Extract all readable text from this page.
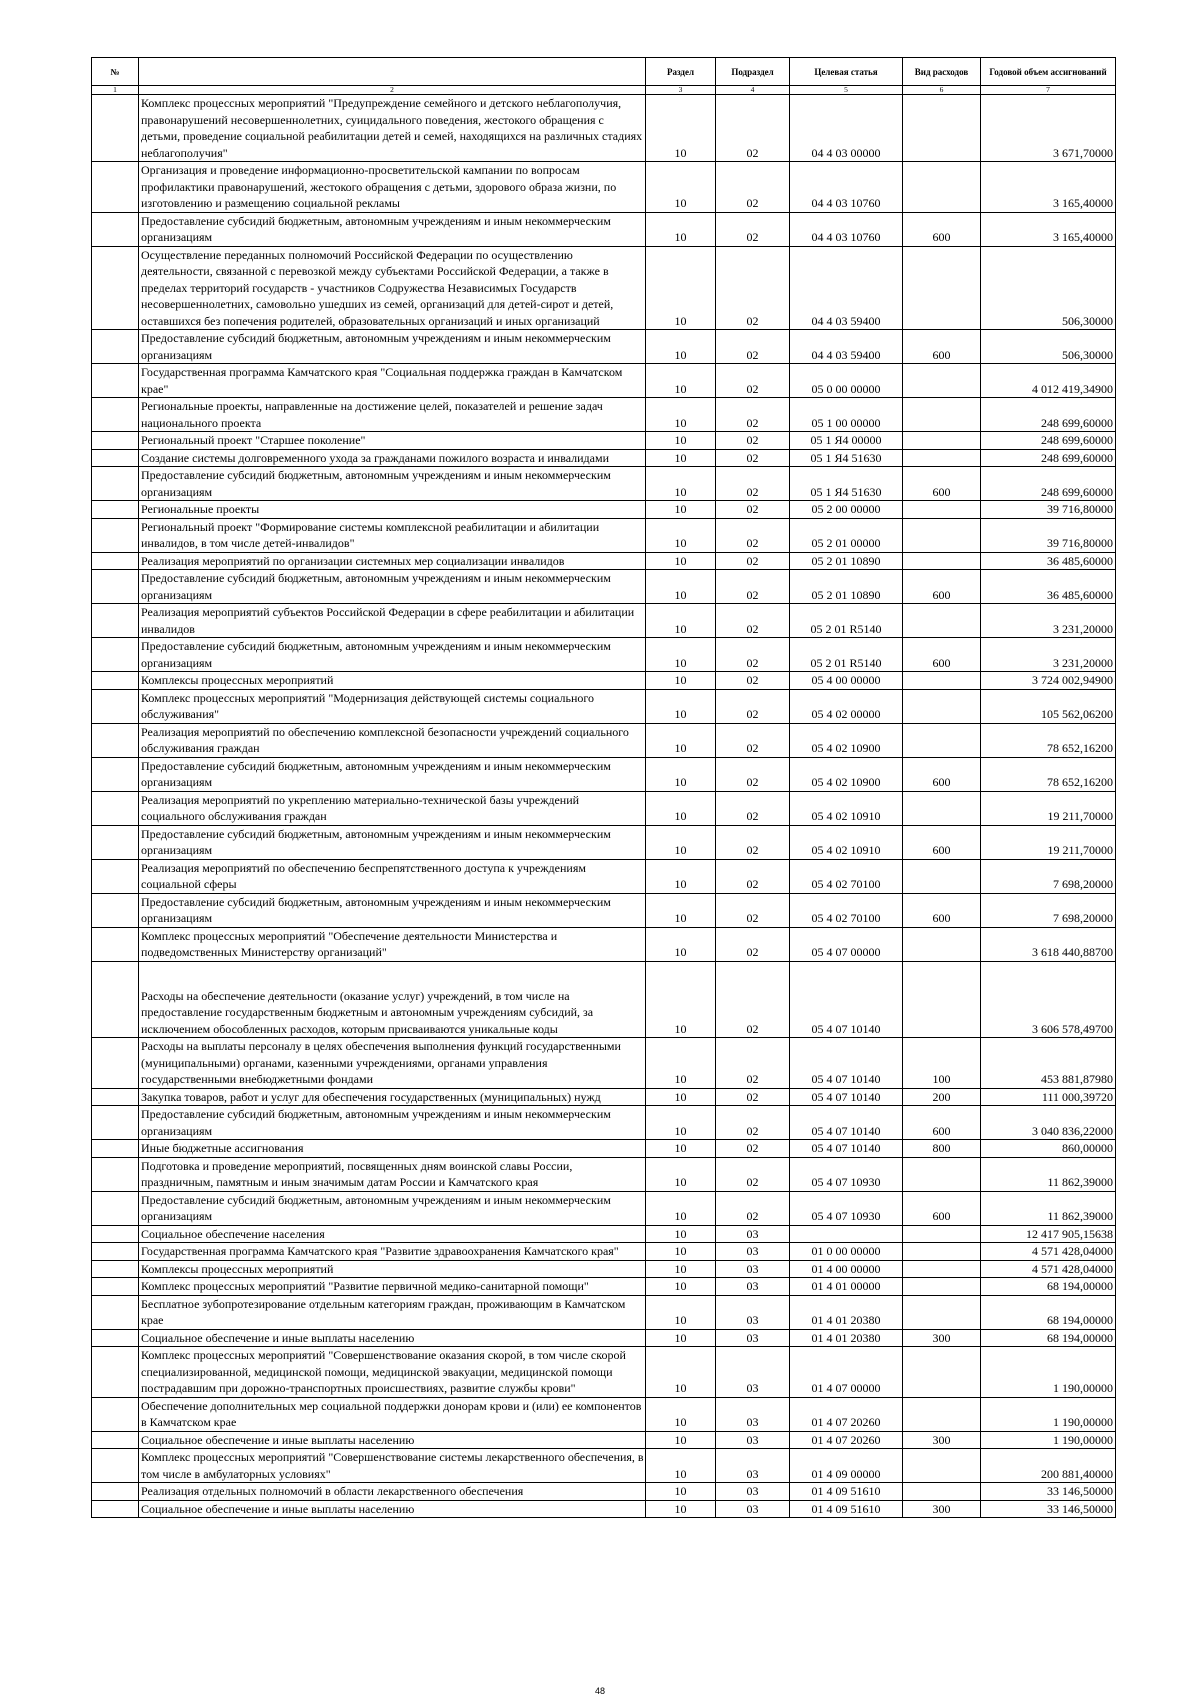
№		Раздел	Подраздел	Целевая статья	Вид расходов	Годовой объем ассигнований
1	2	3	4	5	6	7
	Комплекс процессных мероприятий "Предупреждение семейного и детского неблагополучия, правонарушений несовершеннолетних, суицидального поведения, жестокого обращения с детьми, проведение социальной реабилитации детей и семей, находящихся на различных стадиях неблагополучия"	10	02	04 4 03 00000		3 671,70000
	Организация и проведение информационно-просветительской кампании по вопросам профилактики правонарушений, жестокого обращения с детьми, здорового образа жизни, по изготовлению и размещению социальной рекламы	10	02	04 4 03 10760		3 165,40000
	Предоставление субсидий бюджетным, автономным учреждениям и иным некоммерческим организациям	10	02	04 4 03 10760	600	3 165,40000
	Осуществление переданных полномочий Российской Федерации по осуществлению деятельности, связанной с перевозкой между субъектами Российской Федерации, а также в пределах территорий государств - участников Содружества Независимых Государств несовершеннолетних, самовольно ушедших из семей, организаций для детей-сирот и детей, оставшихся без попечения родителей, образовательных организаций и иных организаций	10	02	04 4 03 59400		506,30000
	Предоставление субсидий бюджетным, автономным учреждениям и иным некоммерческим организациям	10	02	04 4 03 59400	600	506,30000
	Государственная программа Камчатского края "Социальная поддержка граждан в Камчатском крае"	10	02	05 0 00 00000		4 012 419,34900
	Региональные проекты, направленные на достижение целей, показателей и решение задач национального проекта	10	02	05 1 00 00000		248 699,60000
	Региональный проект "Старшее поколение"	10	02	05 1 Я4 00000		248 699,60000
	Создание системы долговременного ухода за гражданами пожилого возраста и инвалидами	10	02	05 1 Я4 51630		248 699,60000
	Предоставление субсидий бюджетным, автономным учреждениям и иным некоммерческим организациям	10	02	05 1 Я4 51630	600	248 699,60000
	Региональные проекты	10	02	05 2 00 00000		39 716,80000
	Региональный проект "Формирование системы комплексной реабилитации и абилитации инвалидов, в том числе детей-инвалидов"	10	02	05 2 01 00000		39 716,80000
	Реализация мероприятий по организации системных мер социализации инвалидов	10	02	05 2 01 10890		36 485,60000
	Предоставление субсидий бюджетным, автономным учреждениям и иным некоммерческим организациям	10	02	05 2 01 10890	600	36 485,60000
	Реализация мероприятий субъектов Российской Федерации в сфере реабилитации и абилитации инвалидов	10	02	05 2 01 R5140		3 231,20000
	Предоставление субсидий бюджетным, автономным учреждениям и иным некоммерческим организациям	10	02	05 2 01 R5140	600	3 231,20000
	Комплексы процессных мероприятий	10	02	05 4 00 00000		3 724 002,94900
	Комплекс процессных мероприятий "Модернизация действующей системы социального обслуживания"	10	02	05 4 02 00000		105 562,06200
	Реализация мероприятий по обеспечению комплексной безопасности учреждений социального обслуживания граждан	10	02	05 4 02 10900		78 652,16200
	Предоставление субсидий бюджетным, автономным учреждениям и иным некоммерческим организациям	10	02	05 4 02 10900	600	78 652,16200
	Реализация мероприятий по укреплению материально-технической базы учреждений социального обслуживания граждан	10	02	05 4 02 10910		19 211,70000
	Предоставление субсидий бюджетным, автономным учреждениям и иным некоммерческим организациям	10	02	05 4 02 10910	600	19 211,70000
	Реализация мероприятий по обеспечению беспрепятственного доступа к учреждениям социальной сферы	10	02	05 4 02 70100		7 698,20000
	Предоставление субсидий бюджетным, автономным учреждениям и иным некоммерческим организациям	10	02	05 4 02 70100	600	7 698,20000
	Комплекс процессных мероприятий "Обеспечение деятельности Министерства и подведомственных Министерству организаций"	10	02	05 4 07 00000		3 618 440,88700
	Расходы на обеспечение деятельности (оказание услуг) учреждений, в том числе на предоставление государственным бюджетным и автономным учреждениям субсидий, за исключением обособленных расходов, которым присваиваются уникальные коды	10	02	05 4 07 10140		3 606 578,49700
	Расходы на выплаты персоналу в целях обеспечения выполнения функций государственными (муниципальными) органами, казенными учреждениями, органами управления государственными внебюджетными фондами	10	02	05 4 07 10140	100	453 881,87980
	Закупка товаров, работ и услуг для обеспечения государственных (муниципальных) нужд	10	02	05 4 07 10140	200	111 000,39720
	Предоставление субсидий бюджетным, автономным учреждениям и иным некоммерческим организациям	10	02	05 4 07 10140	600	3 040 836,22000
	Иные бюджетные ассигнования	10	02	05 4 07 10140	800	860,00000
	Подготовка и проведение мероприятий, посвященных дням воинской славы России, праздничным, памятным и иным значимым датам России и Камчатского края	10	02	05 4 07 10930		11 862,39000
	Предоставление субсидий бюджетным, автономным учреждениям и иным некоммерческим организациям	10	02	05 4 07 10930	600	11 862,39000
	Социальное обеспечение населения	10	03			12 417 905,15638
	Государственная программа Камчатского края "Развитие здравоохранения Камчатского края"	10	03	01 0 00 00000		4 571 428,04000
	Комплексы процессных мероприятий	10	03	01 4 00 00000		4 571 428,04000
	Комплекс процессных мероприятий "Развитие первичной медико-санитарной помощи"	10	03	01 4 01 00000		68 194,00000
	Бесплатное зубопротезирование отдельным категориям граждан, проживающим в Камчатском крае	10	03	01 4 01 20380		68 194,00000
	Социальное обеспечение и иные выплаты населению	10	03	01 4 01 20380	300	68 194,00000
	Комплекс процессных мероприятий "Совершенствование оказания скорой, в том числе скорой специализированной, медицинской помощи, медицинской эвакуации, медицинской помощи пострадавшим при дорожно-транспортных происшествиях, развитие службы крови"	10	03	01 4 07 00000		1 190,00000
	Обеспечение дополнительных мер социальной поддержки донорам крови и (или) ее компонентов в Камчатском крае	10	03	01 4 07 20260		1 190,00000
	Социальное обеспечение и иные выплаты населению	10	03	01 4 07 20260	300	1 190,00000
	Комплекс процессных мероприятий "Совершенствование системы лекарственного обеспечения, в том числе в амбулаторных условиях"	10	03	01 4 09 00000		200 881,40000
	Реализация отдельных полномочий в области лекарственного обеспечения	10	03	01 4 09 51610		33 146,50000
	Социальное обеспечение и иные выплаты населению	10	03	01 4 09 51610	300	33 146,50000
48
